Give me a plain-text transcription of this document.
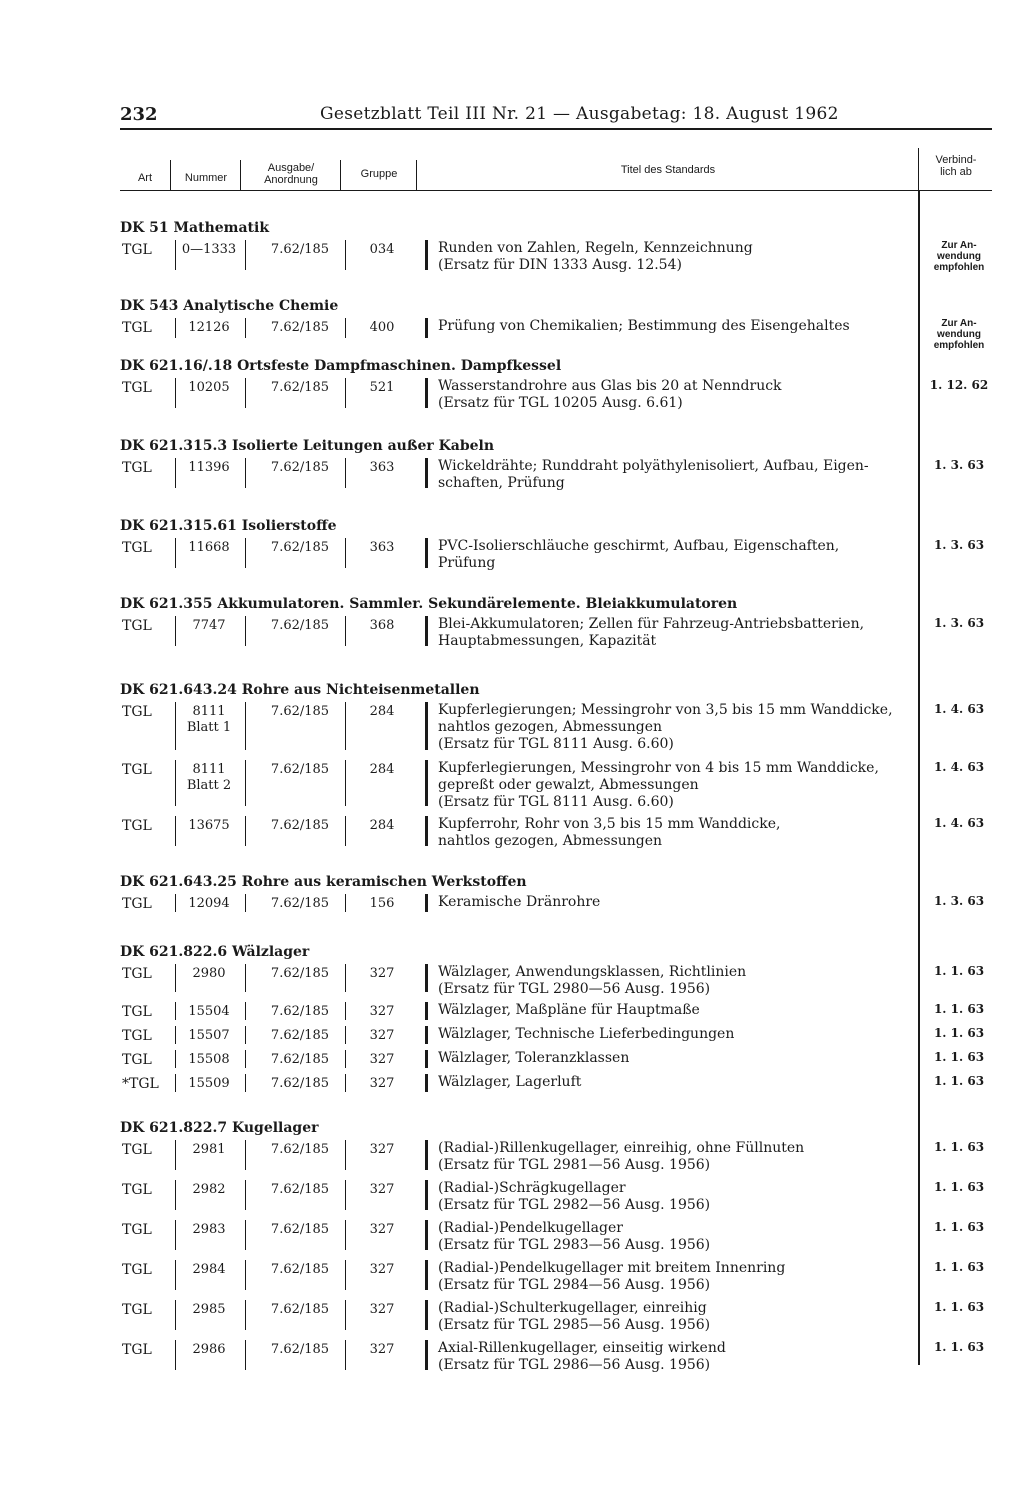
232	Gesetzblatt Teil III Nr. 21 — Ausgabetag: 18. August 1962
Art	Nummer
Ausgabe/
Anordnung	Gruppe	Titel des Standards
Verbind-
lich ab
DK 51 Mathematik
TGL	0—1333	7.62/185	034	Runden von Zahlen, Regeln, Kennzeichnung
(Ersatz für DIN 1333 Ausg. 12.54)
Zur An-
wendung
empfohlen
DK 543 Analytische Chemie
TGL	12126	7.62/185	400	Prüfung von Chemikalien; Bestimmung des Eisengehaltes	Zur An-
wendung
empfohlen
DK 621.16/.18 Ortsfeste Dampfmaschinen. Dampfkessel
TGL	10205	7.62/185	521	Wasserstandrohre aus Glas bis 20 at Nenndruck
(Ersatz für TGL 10205 Ausg. 6.61)
1. 12. 62
DK 621.315.3 Isolierte Leitungen außer Kabeln
TGL	11396	7.62/185	363	Wickeldrähte; Runddraht polyäthylenisoliert, Aufbau, Eigen-
schaften, Prüfung
1. 3. 63
DK 621.315.61 Isolierstoffe
TGL	11668	7.62/185	363	PVC-Isolierschläuche geschirmt, Aufbau, Eigenschaften,
Prüfung
1. 3. 63
DK 621.355 Akkumulatoren. Sammler. Sekundärelemente. Bleiakkumulatoren
TGL	7747	7.62/185	368	Blei-Akkumulatoren; Zellen für Fahrzeug-Antriebsbatterien,
Hauptabmessungen, Kapazität
1. 3. 63
DK 621.643.24 Rohre aus Nichteisenmetallen
TGL	8111
Blatt 1
7.62/185	284	Kupferlegierungen; Messingrohr von 3,5 bis 15 mm Wanddicke,
nahtlos gezogen, Abmessungen
(Ersatz für TGL 8111 Ausg. 6.60)
1. 4. 63
TGL	8111
Blatt 2
7.62/185	284	Kupferlegierungen, Messingrohr von 4 bis 15 mm Wanddicke,
gepreßt oder gewalzt, Abmessungen
(Ersatz für TGL 8111 Ausg. 6.60)
1. 4. 63
TGL	13675	7.62/185	284	Kupferrohr, Rohr von 3,5 bis 15 mm Wanddicke,
nahtlos gezogen, Abmessungen
1. 4. 63
DK 621.643.25 Rohre aus keramischen Werkstoffen
TGL	12094	7.62/185	156	Keramische Dränrohre	1. 3. 63
DK 621.822.6 Wälzlager
TGL	2980	7.62/185	327	Wälzlager, Anwendungsklassen, Richtlinien
(Ersatz für TGL 2980—56 Ausg. 1956)
1. 1. 63
TGL	15504	7.62/185	327	Wälzlager, Maßpläne für Hauptmaße	1. 1. 63
TGL	15507	7.62/185	327	Wälzlager, Technische Lieferbedingungen	1. 1. 63
TGL	15508	7.62/185	327	Wälzlager, Toleranzklassen	1. 1. 63
*TGL	15509	7.62/185	327	Wälzlager, Lagerluft	1. 1. 63
DK 621.822.7 Kugellager
TGL	2981	7.62/185	327	(Radial-)Rillenkugellager, einreihig, ohne Füllnuten
(Ersatz für TGL 2981—56 Ausg. 1956)
1. 1. 63
TGL	2982	7.62/185	327	(Radial-)Schrägkugellager
(Ersatz für TGL 2982—56 Ausg. 1956)
1. 1. 63
TGL	2983	7.62/185	327	(Radial-)Pendelkugellager
(Ersatz für TGL 2983—56 Ausg. 1956)
1. 1. 63
TGL	2984	7.62/185	327	(Radial-)Pendelkugellager mit breitem Innenring
(Ersatz für TGL 2984—56 Ausg. 1956)
1. 1. 63
TGL	2985	7.62/185	327	(Radial-)Schulterkugellager, einreihig
(Ersatz für TGL 2985—56 Ausg. 1956)
1. 1. 63
TGL	2986	7.62/185	327	Axial-Rillenkugellager, einseitig wirkend
(Ersatz für TGL 2986—56 Ausg. 1956)
1. 1. 63
